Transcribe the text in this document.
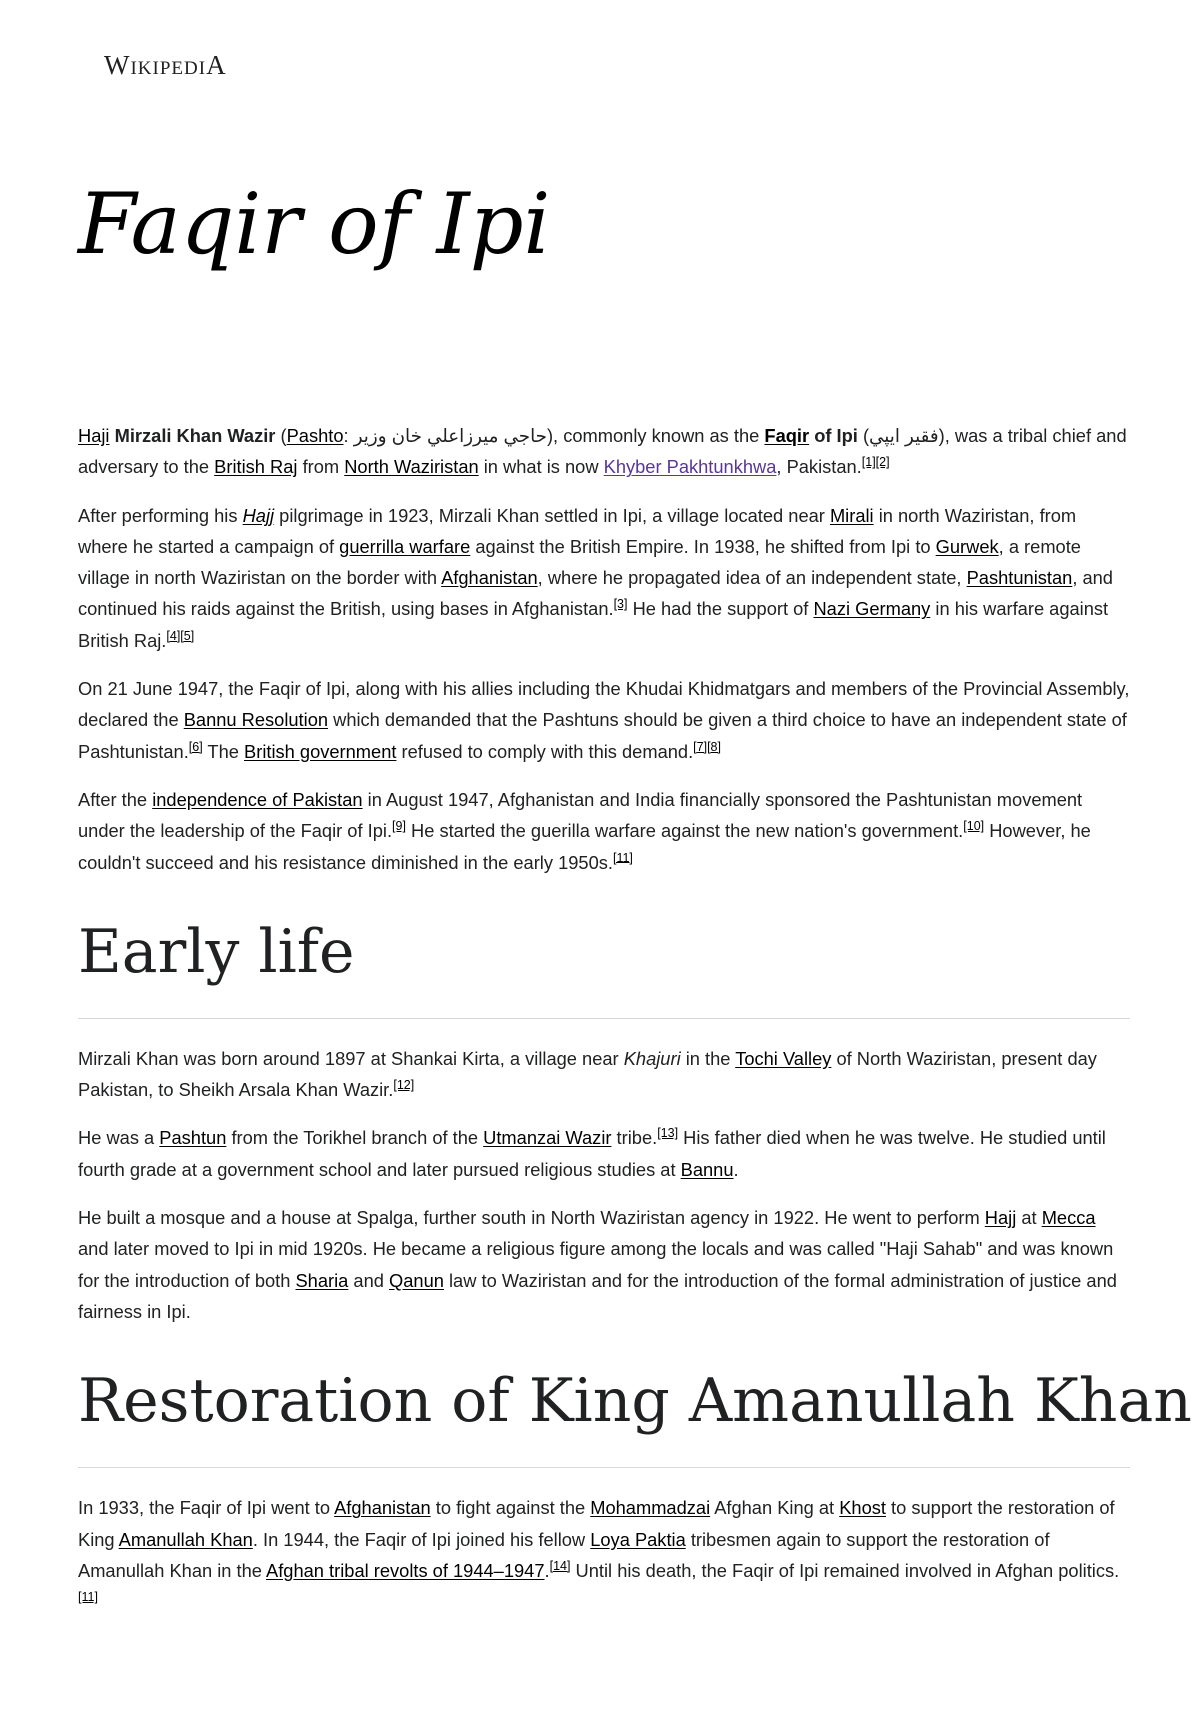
WikipediA
Faqir of Ipi

Haji Mirzali Khan Wazir (Pashto: حاجي ميرزاعلي خان وزير), commonly known as the Faqir of Ipi (فقير ايپي), was a tribal chief and adversary to the British Raj from North Waziristan in what is now Khyber Pakhtunkhwa, Pakistan.[1][2]

After performing his Hajj pilgrimage in 1923, Mirzali Khan settled in Ipi, a village located near Mirali in north Waziristan, from where he started a campaign of guerrilla warfare against the British Empire. In 1938, he shifted from Ipi to Gurwek, a remote village in north Waziristan on the border with Afghanistan, where he propagated idea of an independent state, Pashtunistan, and continued his raids against the British, using bases in Afghanistan.[3] He had the support of Nazi Germany in his warfare against British Raj.[4][5]

On 21 June 1947, the Faqir of Ipi, along with his allies including the Khudai Khidmatgars and members of the Provincial Assembly, declared the Bannu Resolution which demanded that the Pashtuns should be given a third choice to have an independent state of Pashtunistan.[6] The British government refused to comply with this demand.[7][8]

After the independence of Pakistan in August 1947, Afghanistan and India financially sponsored the Pashtunistan movement under the leadership of the Faqir of Ipi.[9] He started the guerilla warfare against the new nation's government.[10] However, he couldn't succeed and his resistance diminished in the early 1950s.[11]

Early life

Mirzali Khan was born around 1897 at Shankai Kirta, a village near Khajuri in the Tochi Valley of North Waziristan, present day Pakistan, to Sheikh Arsala Khan Wazir.[12]

He was a Pashtun from the Torikhel branch of the Utmanzai Wazir tribe.[13] His father died when he was twelve. He studied until fourth grade at a government school and later pursued religious studies at Bannu.

He built a mosque and a house at Spalga, further south in North Waziristan agency in 1922. He went to perform Hajj at Mecca and later moved to Ipi in mid 1920s. He became a religious figure among the locals and was called "Haji Sahab" and was known for the introduction of both Sharia and Qanun law to Waziristan and for the introduction of the formal administration of justice and fairness in Ipi.

Restoration of King Amanullah Khan

In 1933, the Faqir of Ipi went to Afghanistan to fight against the Mohammadzai Afghan King at Khost to support the restoration of King Amanullah Khan. In 1944, the Faqir of Ipi joined his fellow Loya Paktia tribesmen again to support the restoration of Amanullah Khan in the Afghan tribal revolts of 1944–1947.[14] Until his death, the Faqir of Ipi remained involved in Afghan politics.[11]
